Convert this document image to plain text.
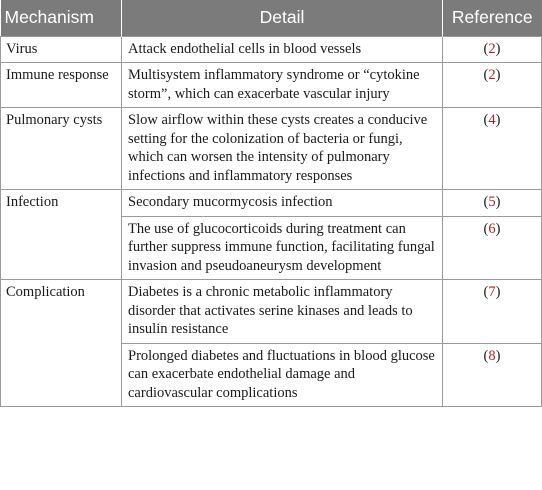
Mechanism	Detail	Reference
Virus	Attack endothelial cells in blood vessels	(2)
Immune response	Multisystem inflammatory syndrome or “cytokine storm”, which can exacerbate vascular injury	(2)
Pulmonary cysts	Slow airflow within these cysts creates a conducive setting for the colonization of bacteria or fungi, which can worsen the intensity of pulmonary infections and inflammatory responses	(4)
Infection	Secondary mucormycosis infection	(5)
	The use of glucocorticoids during treatment can further suppress immune function, facilitating fungal invasion and pseudoaneurysm development	(6)
Complication	Diabetes is a chronic metabolic inflammatory disorder that activates serine kinases and leads to insulin resistance	(7)
	Prolonged diabetes and fluctuations in blood glucose can exacerbate endothelial damage and cardiovascular complications	(8)
